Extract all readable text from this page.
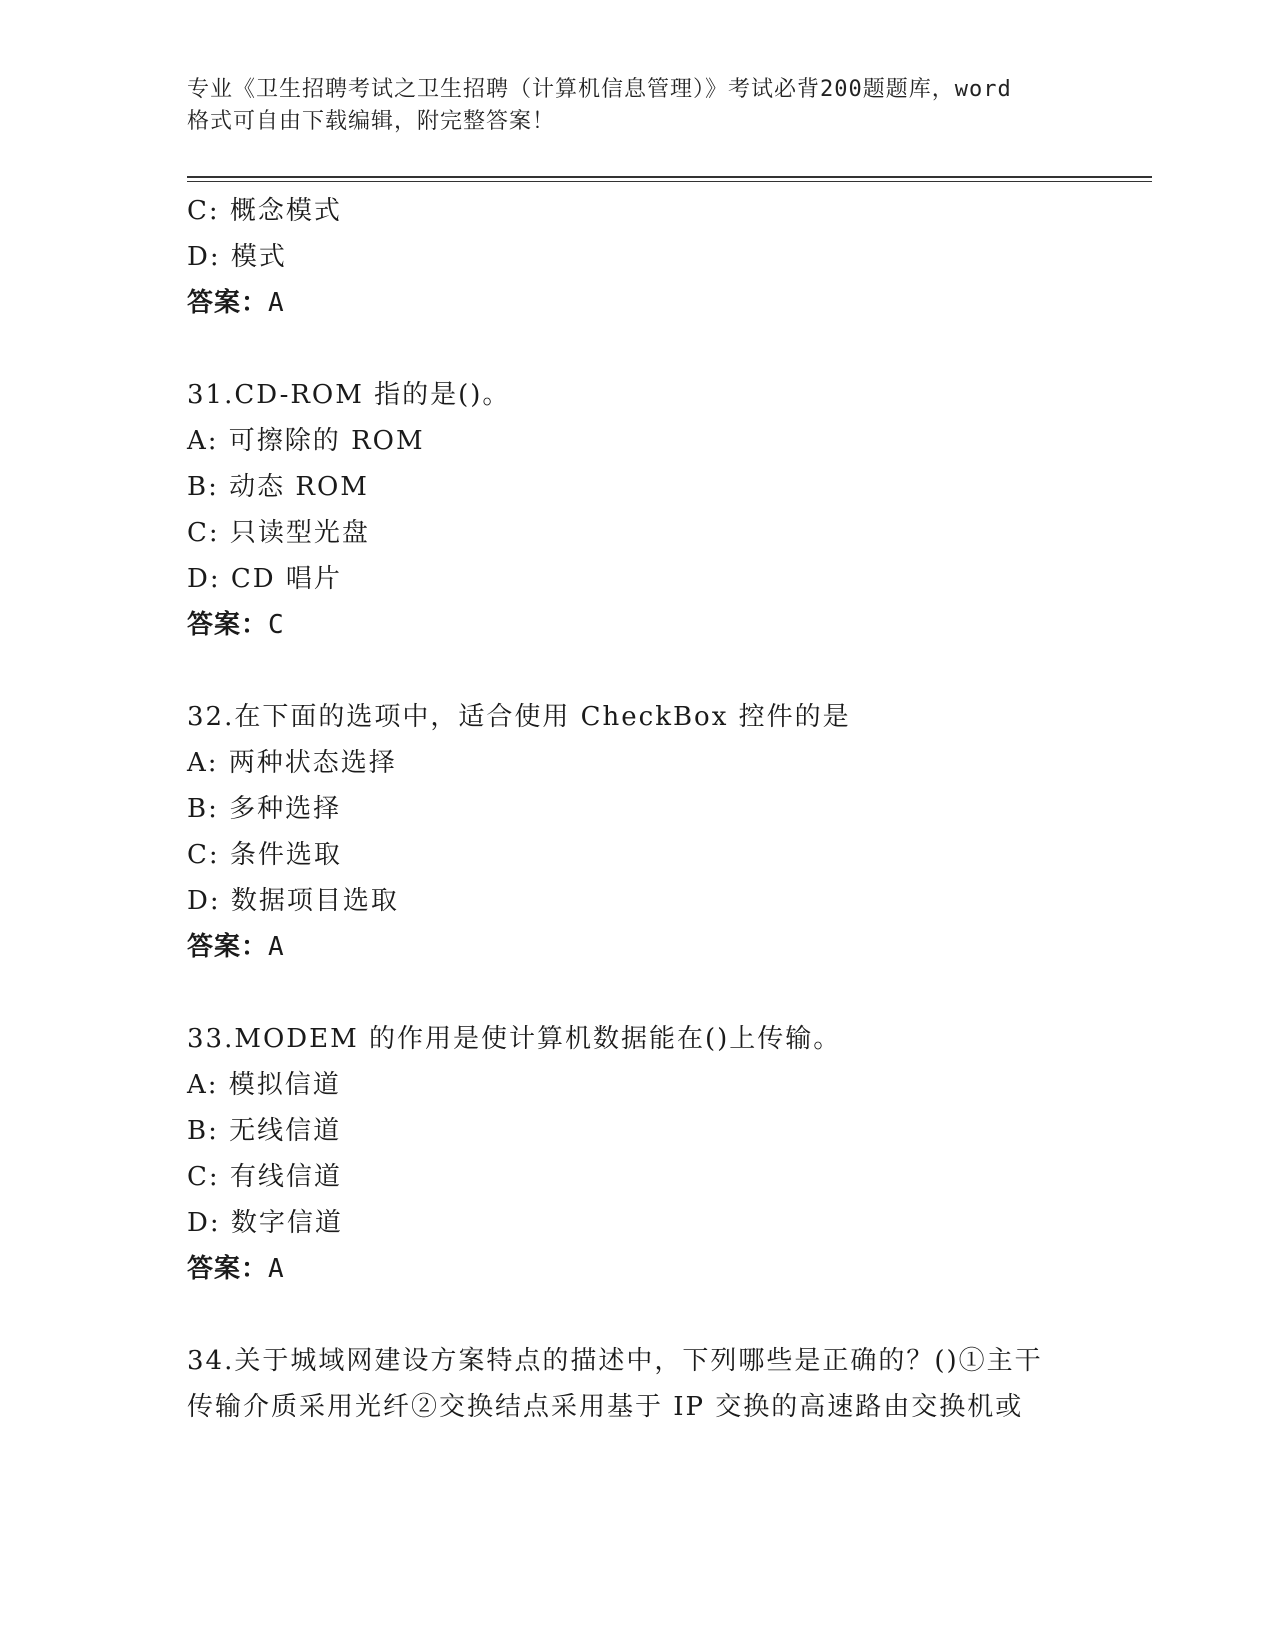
专业《卫生招聘考试之卫生招聘（计算机信息管理）》考试必背200题题库，word
格式可自由下载编辑，附完整答案！
C: 概念模式
D: 模式
答案：A
31.CD-ROM 指的是()。
A: 可擦除的 ROM
B: 动态 ROM
C: 只读型光盘
D: CD 唱片
答案：C
32.在下面的选项中，适合使用 CheckBox 控件的是
A: 两种状态选择
B: 多种选择
C: 条件选取
D: 数据项目选取
答案：A
33.MODEM 的作用是使计算机数据能在()上传输。
A: 模拟信道
B: 无线信道
C: 有线信道
D: 数字信道
答案：A
34.关于城域网建设方案特点的描述中，下列哪些是正确的？()①主干
传输介质采用光纤②交换结点采用基于 IP 交换的高速路由交换机或
